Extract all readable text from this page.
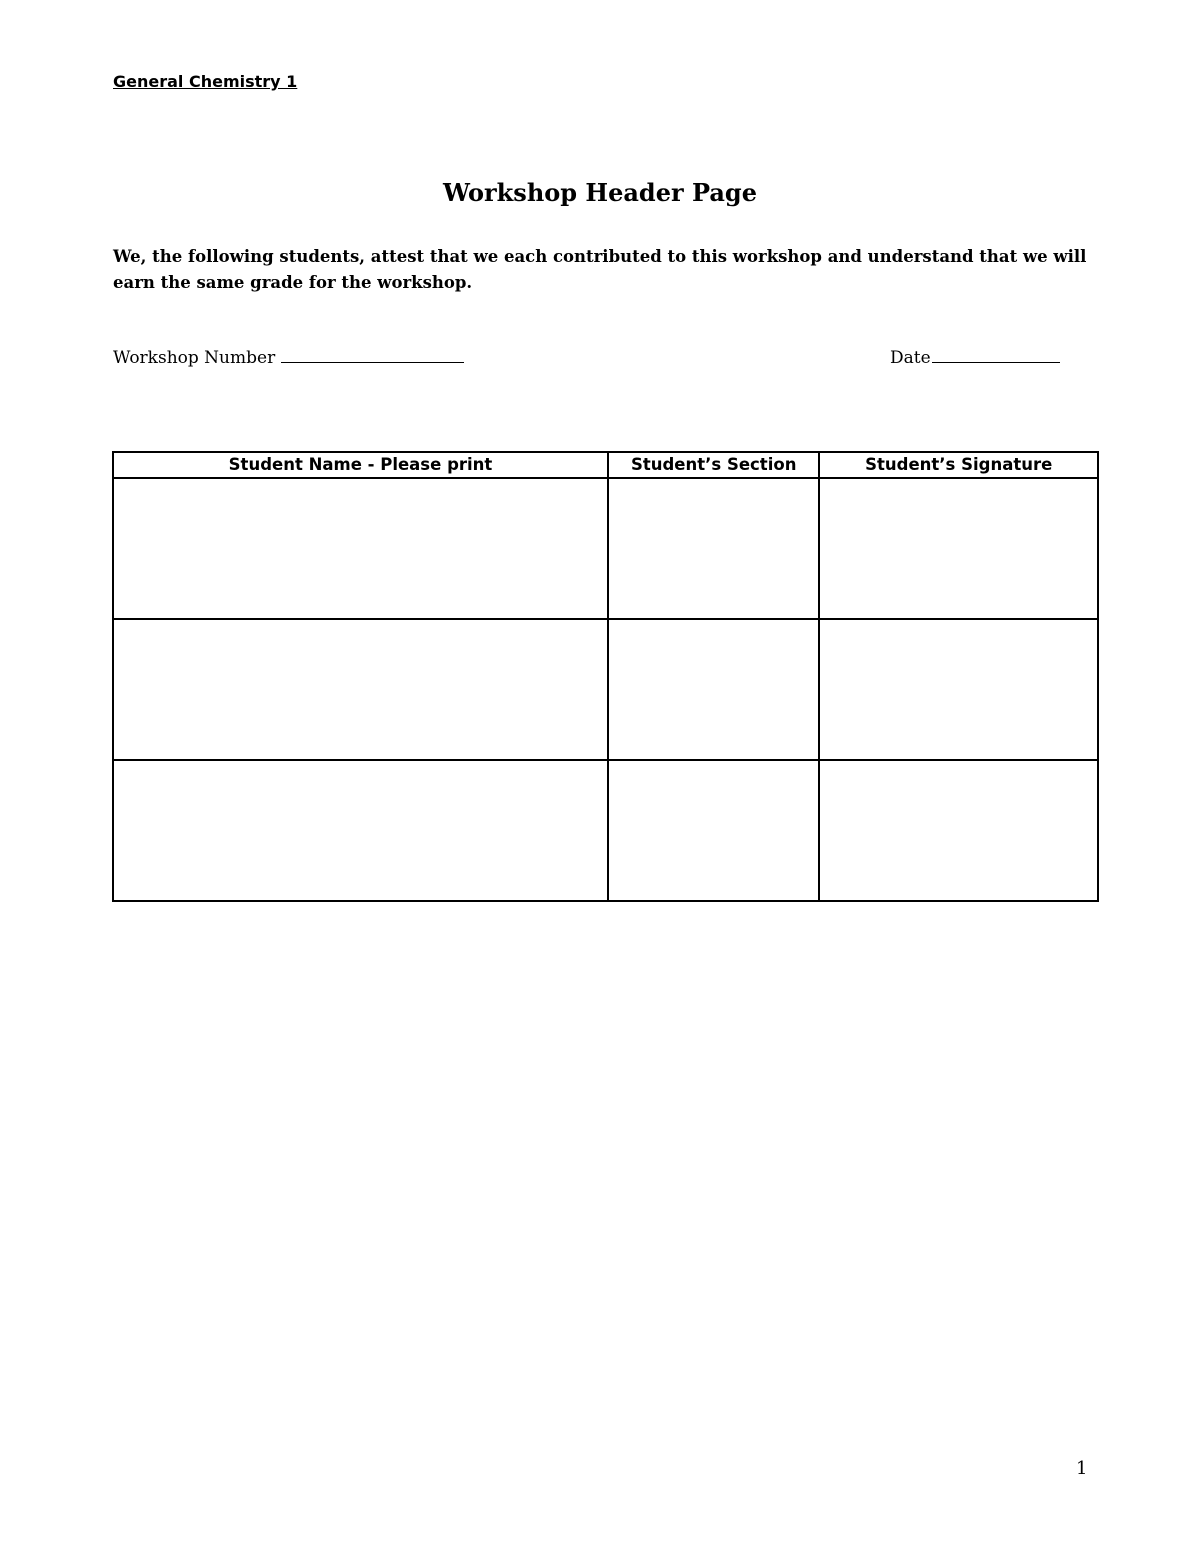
General Chemistry 1
Workshop Header Page

We, the following students, attest that we each contributed to this workshop and understand that we will earn the same grade for the workshop.

Workshop Number	Date
Student Name - Please print	Student’s Section	Student’s Signature

1
